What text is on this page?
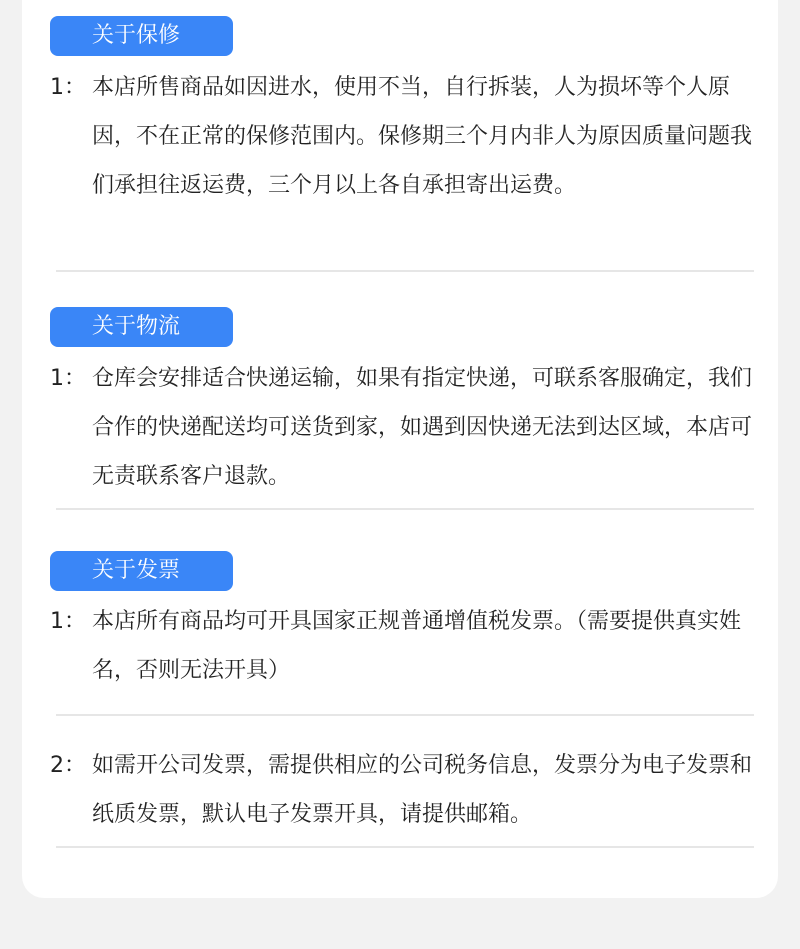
关于保修
1： 本店所售商品如因进水，使用不当，自行拆装，人为损坏等个人原因，不在正常的保修范围内。保修期三个月内非人为原因质量问题我们承担往返运费，三个月以上各自承担寄出运费。

关于物流
1： 仓库会安排适合快递运输，如果有指定快递，可联系客服确定，我们合作的快递配送均可送货到家，如遇到因快递无法到达区域，本店可无责联系客户退款。

关于发票
1： 本店所有商品均可开具国家正规普通增值税发票。（需要提供真实姓名，否则无法开具）

2： 如需开公司发票，需提供相应的公司税务信息，发票分为电子发票和纸质发票，默认电子发票开具，请提供邮箱。
